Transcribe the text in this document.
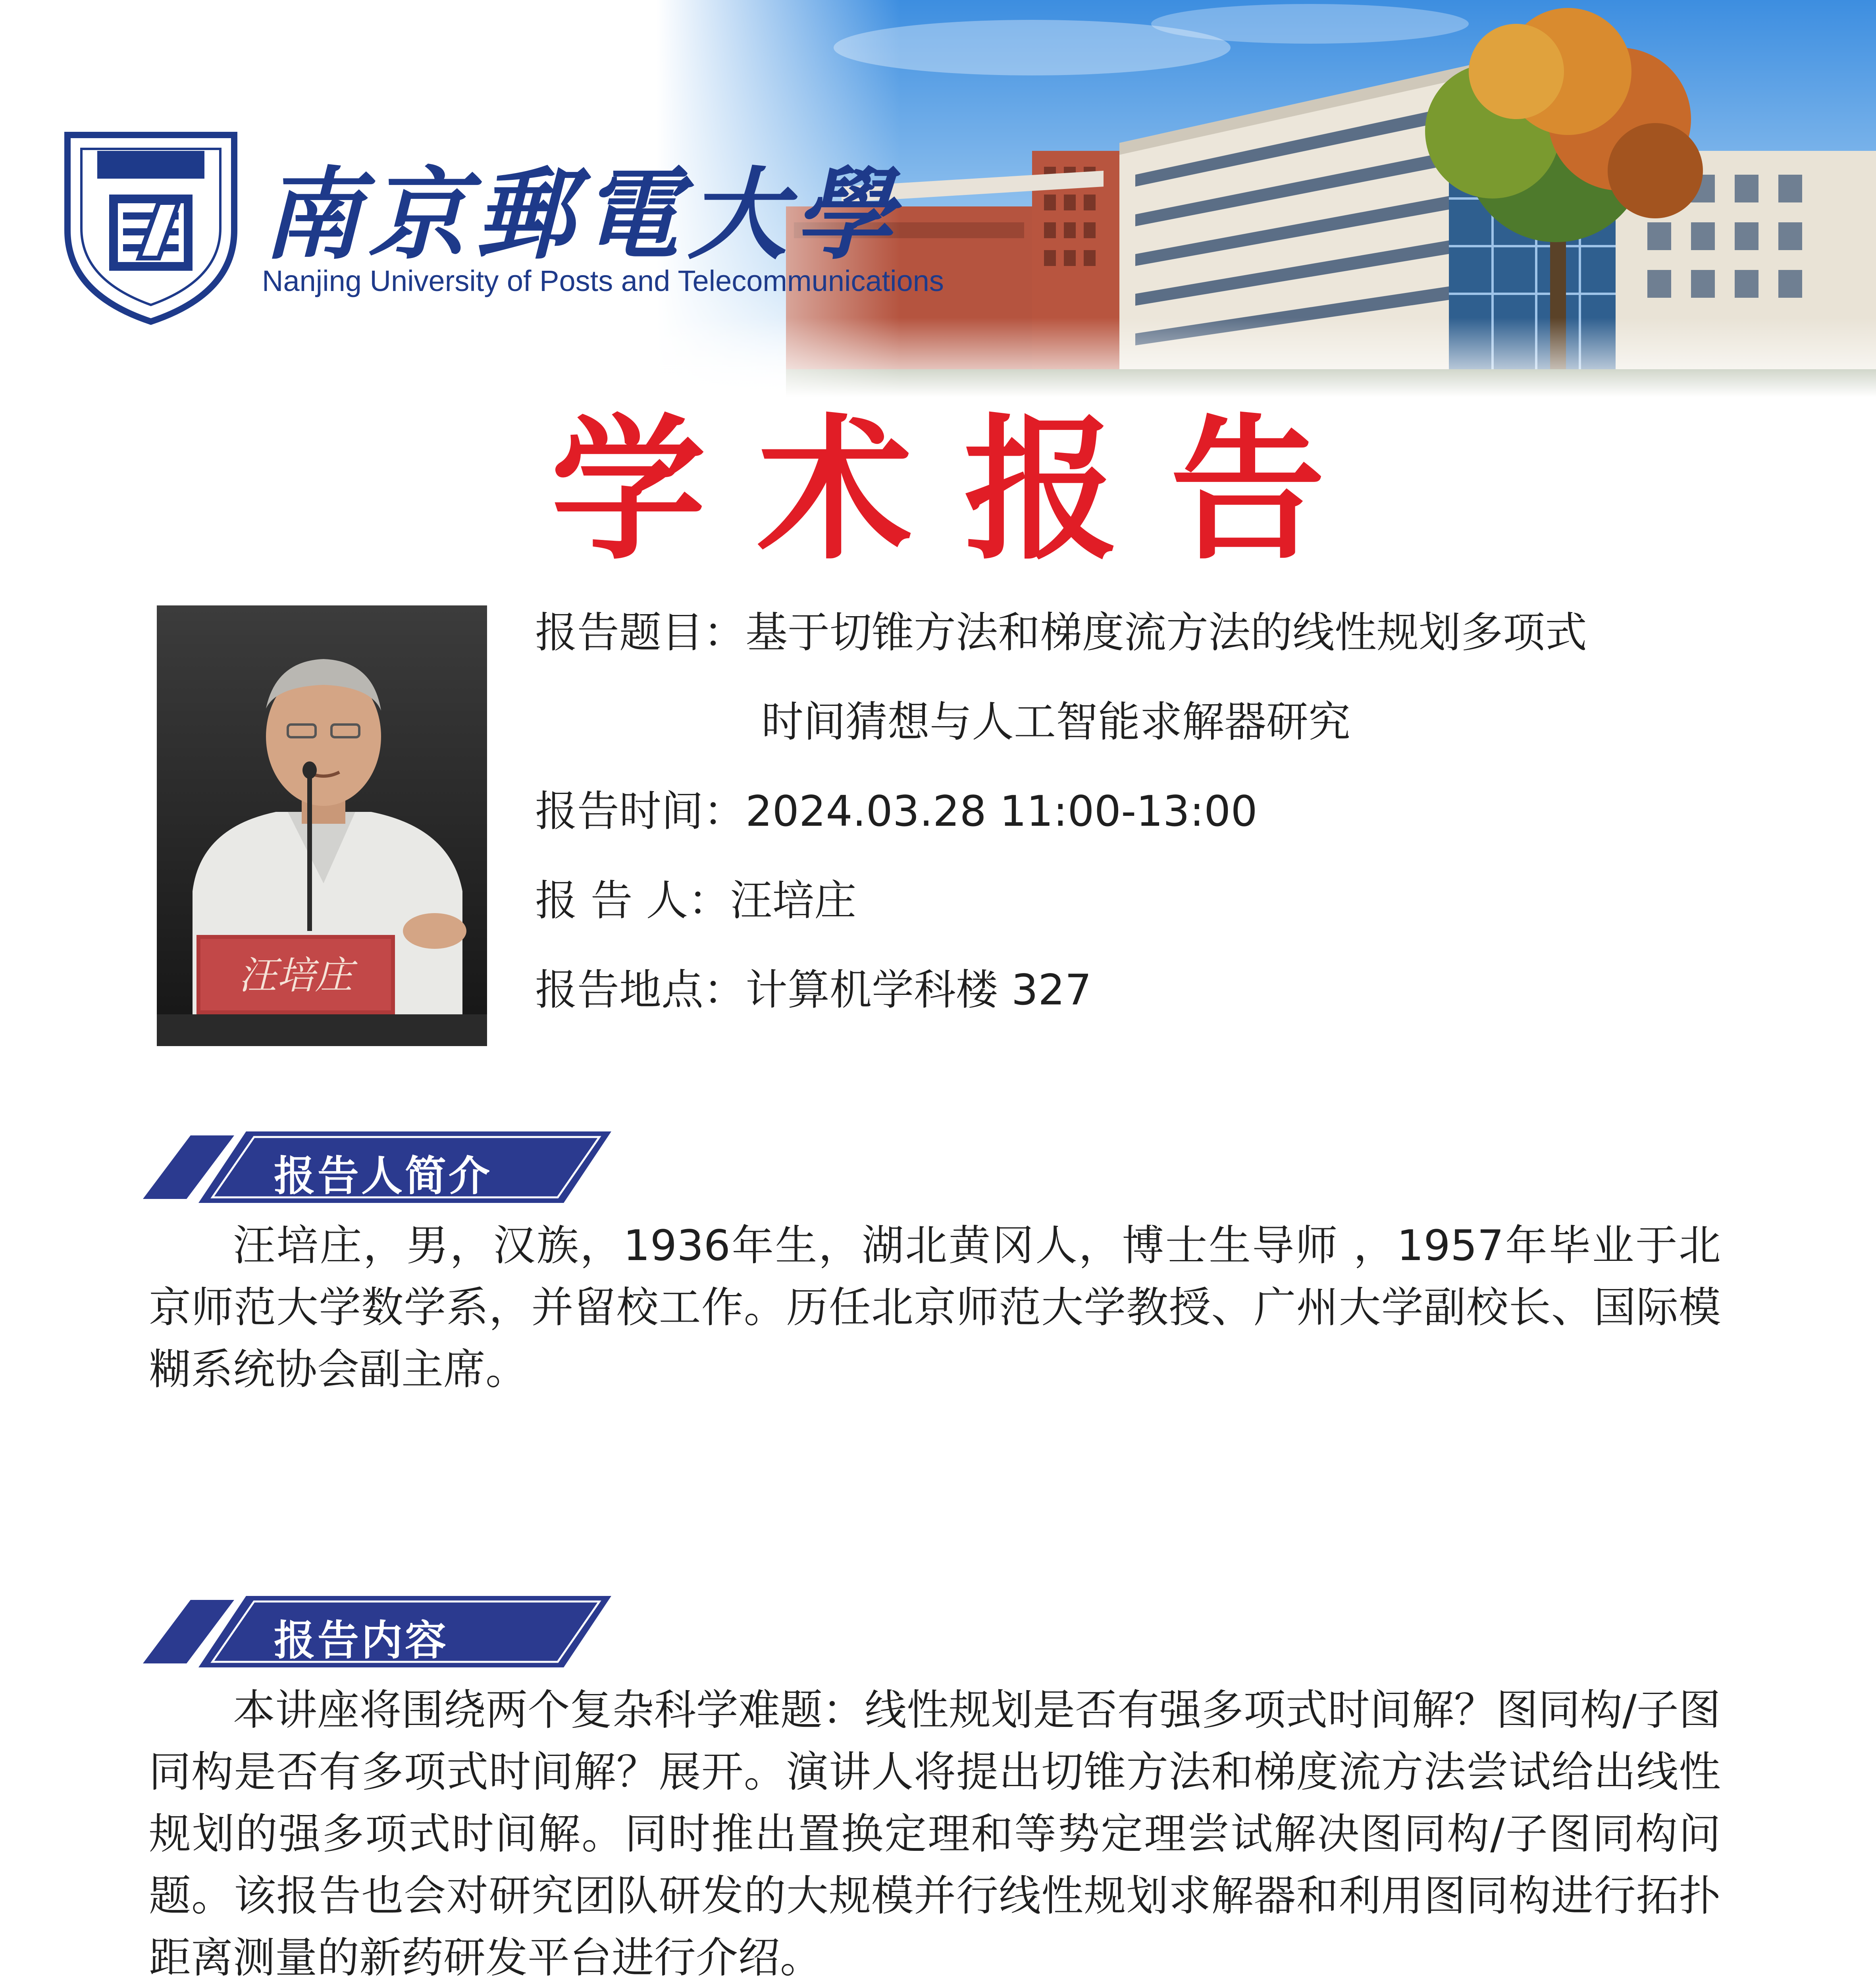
南京郵電大學
Nanjing University of Posts and Telecommunications
学术报告
汪培庄
报告题目：基于切锥方法和梯度流方法的线性规划多项式
时间猜想与人工智能求解器研究
报告时间：2024.03.28 11:00-13:00
报 告 人：汪培庄
报告地点：计算机学科楼 327
报告人简介
汪培庄，男，汉族，1936年生，湖北黄冈人，博士生导师 ，1957年毕业于北京师范大学数学系，并留校工作。历任北京师范大学教授、广州大学副校长、国际模糊系统协会副主席。
报告内容
本讲座将围绕两个复杂科学难题：线性规划是否有强多项式时间解？图同构/子图同构是否有多项式时间解？展开。演讲人将提出切锥方法和梯度流方法尝试给出线性规划的强多项式时间解。同时推出置换定理和等势定理尝试解决图同构/子图同构问题。该报告也会对研究团队研发的大规模并行线性规划求解器和利用图同构进行拓扑距离测量的新药研发平台进行介绍。
